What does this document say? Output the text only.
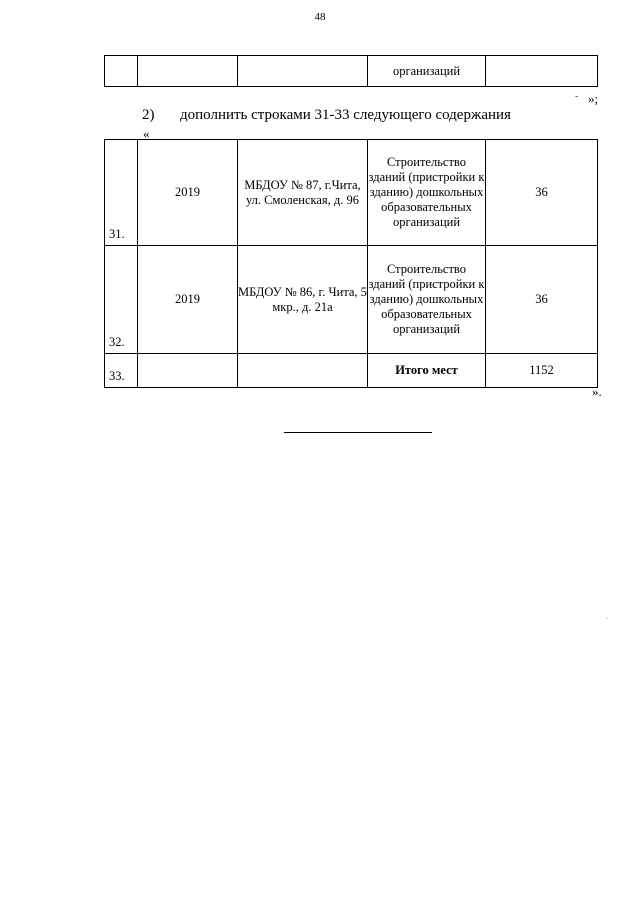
48
			организаций	
- »;
2) дополнить строками 31-33 следующего содержания
«
31.	2019	МБДОУ № 87, г.Чита, ул. Смоленская, д. 96	Строительство зданий (пристройки к зданию) дошкольных образовательных организаций	36
32.	2019	МБДОУ № 86, г. Чита, 5 мкр., д. 21а	Строительство зданий (пристройки к зданию) дошкольных образовательных организаций	36
33.			Итого мест	1152
».
.
